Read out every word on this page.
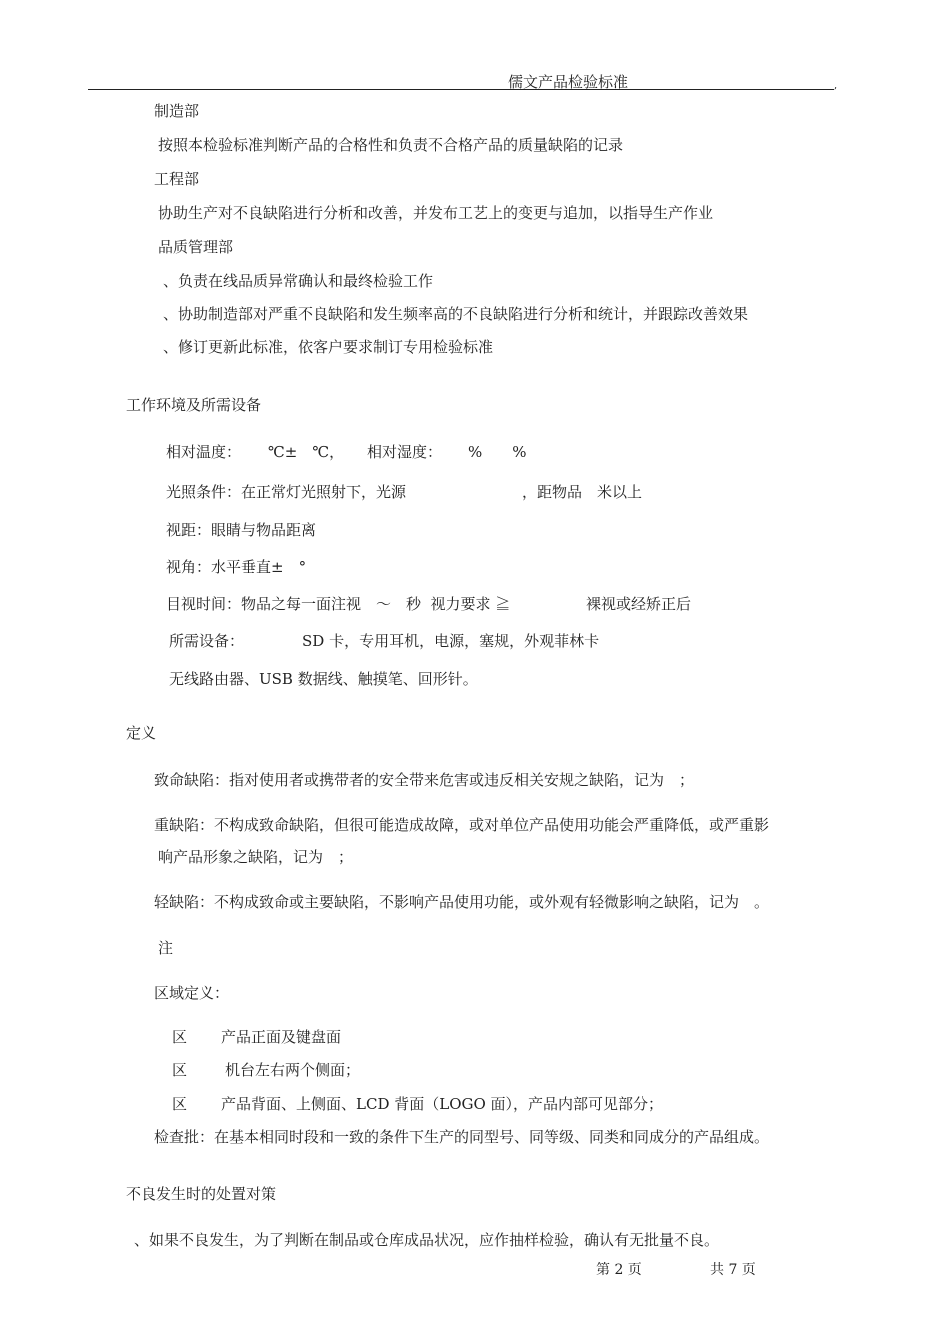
儒文产品检验标准	,
制造部
按照本检验标准判断产品的合格性和负责不合格产品的质量缺陷的记录
工程部
协助生产对不良缺陷进行分析和改善，并发布工艺上的变更与追加，以指导生产作业
品质管理部
、负责在线品质异常确认和最终检验工作
、协助制造部对严重不良缺陷和发生频率高的不良缺陷进行分析和统计，并跟踪改善效果
、修订更新此标准，依客户要求制订专用检验标准
工作环境及所需设备
相对温度： ℃±　℃， 相对湿度： %　　%
光照条件：在正常灯光照射下，光源	，距物品　米以上
视距：眼睛与物品距离
视角：水平垂直±　°
目视时间：物品之每一面注视　～　秒  视力要求 ≧	裸视或经矫正后
所需设备：	SD 卡，专用耳机，电源，塞规，外观菲林卡
无线路由器、USB 数据线、触摸笔、回形针。
定义
致命缺陷：指对使用者或携带者的安全带来危害或违反相关安规之缺陷，记为　；
重缺陷：不构成致命缺陷，但很可能造成故障，或对单位产品使用功能会严重降低，或严重影
响产品形象之缺陷，记为　；
轻缺陷：不构成致命或主要缺陷，不影响产品使用功能，或外观有轻微影响之缺陷，记为　。
注
区域定义：
区 产品正面及键盘面
区	机台左右两个侧面；
区 产品背面、上侧面、LCD 背面（LOGO 面），产品内部可见部分；
检查批：在基本相同时段和一致的条件下生产的同型号、同等级、同类和同成分的产品组成。
不良发生时的处置对策
、如果不良发生，为了判断在制品或仓库成品状况，应作抽样检验，确认有无批量不良。
第 2 页	共 7 页
